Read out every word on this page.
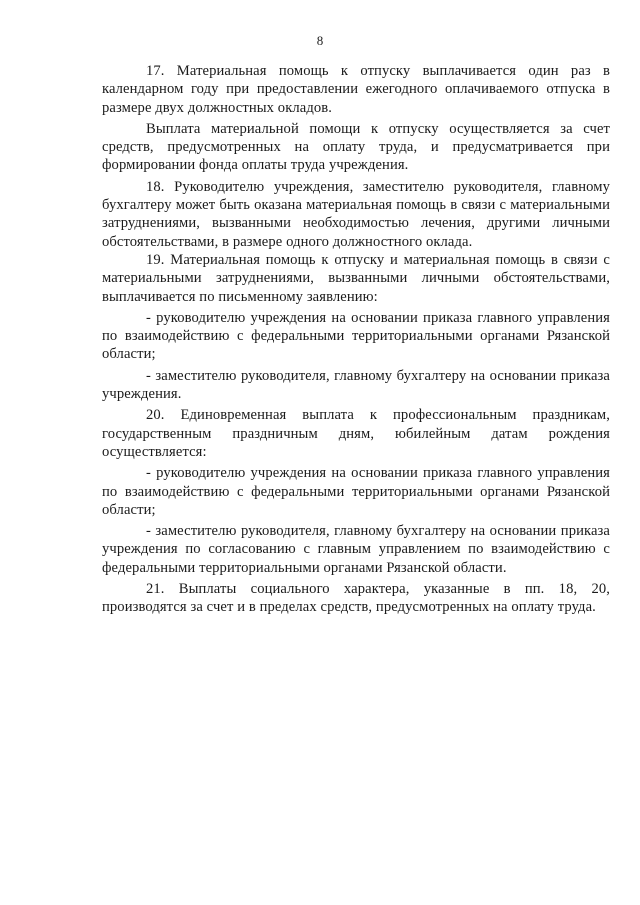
8

17. Материальная помощь к отпуску выплачивается один раз в календарном году при предоставлении ежегодного оплачиваемого отпуска в размере двух должностных окладов.

Выплата материальной помощи к отпуску осуществляется за счет средств, предусмотренных на оплату труда, и предусматривается при формировании фонда оплаты труда учреждения.

18. Руководителю учреждения, заместителю руководителя, главному бухгалтеру может быть оказана материальная помощь в связи с материальными затруднениями, вызванными необходимостью лечения, другими личными обстоятельствами, в размере одного должностного оклада.

19. Материальная помощь к отпуску и материальная помощь в связи с материальными затруднениями, вызванными личными обстоятельствами, выплачивается по письменному заявлению:

- руководителю учреждения на основании приказа главного управления по взаимодействию с федеральными территориальными органами Рязанской области;

- заместителю руководителя, главному бухгалтеру на основании приказа учреждения.

20. Единовременная выплата к профессиональным праздникам, государственным праздничным дням, юбилейным датам рождения осуществляется:

- руководителю учреждения на основании приказа главного управления по взаимодействию с федеральными территориальными органами Рязанской области;

- заместителю руководителя, главному бухгалтеру на основании приказа учреждения по согласованию с главным управлением по взаимодействию с федеральными территориальными органами Рязанской области.

21. Выплаты социального характера, указанные в пп. 18, 20, производятся за счет и в пределах средств, предусмотренных на оплату труда.
